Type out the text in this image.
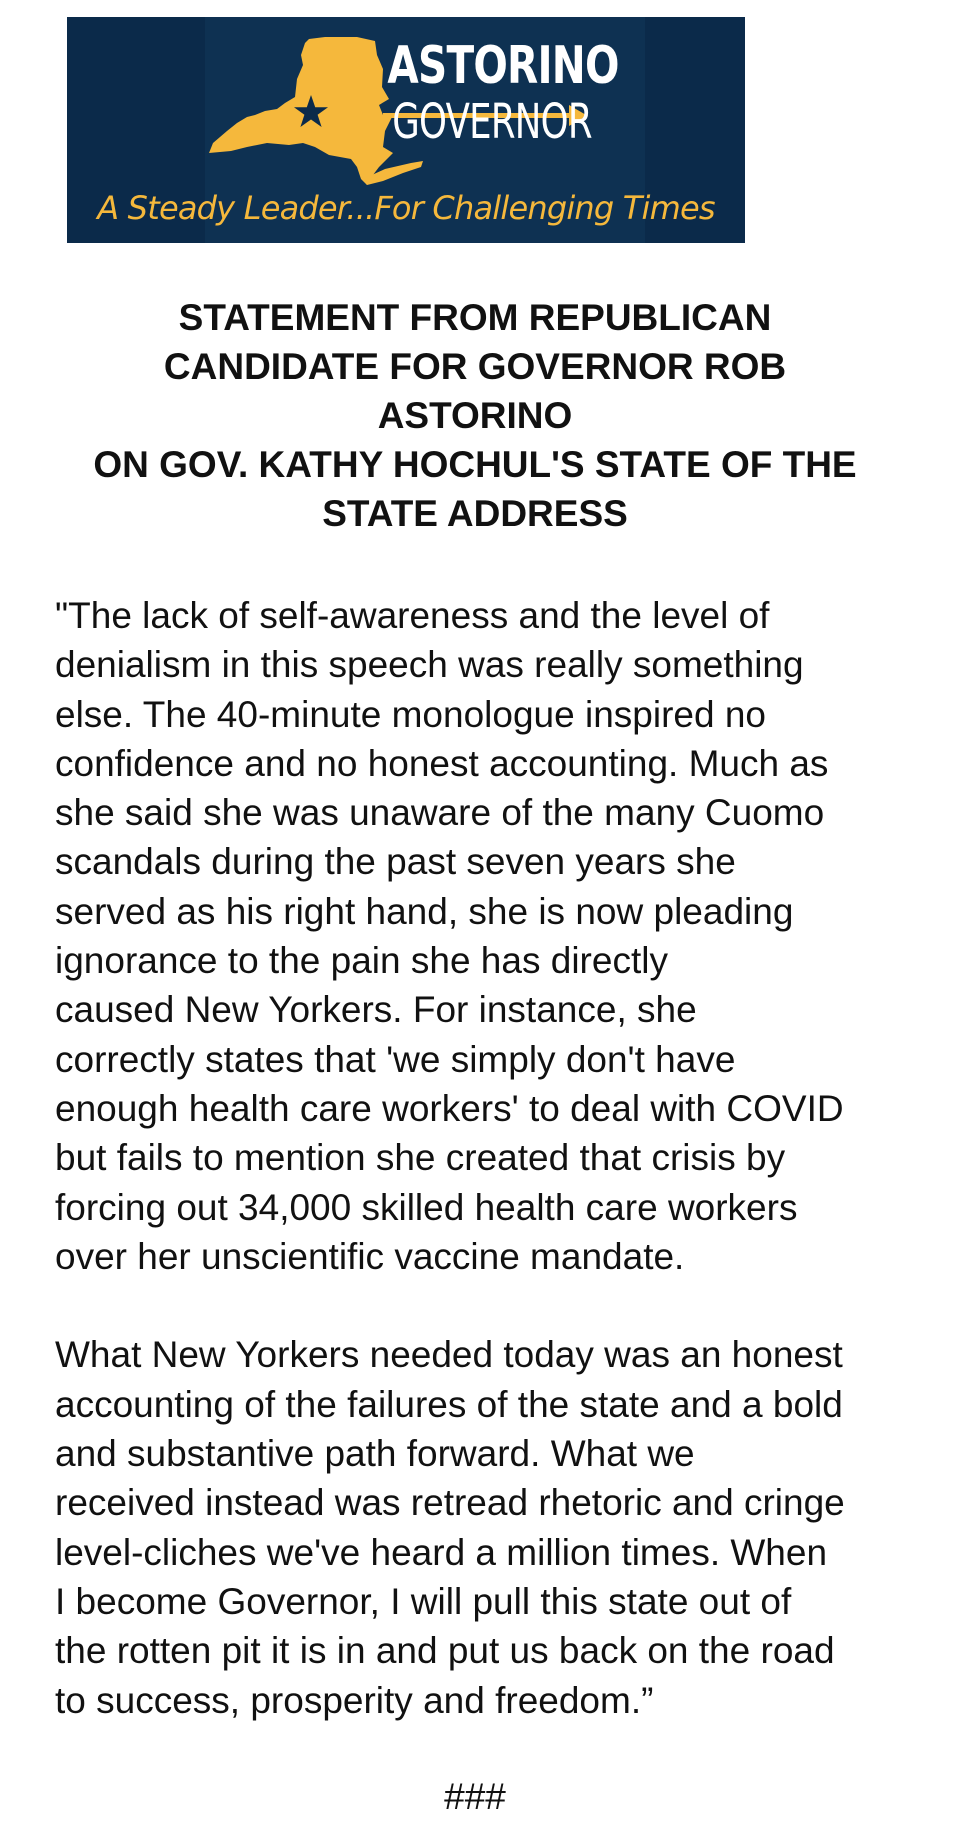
ASTORINO
GOVERNOR
A Steady Leader...For Challenging Times
STATEMENT FROM REPUBLICAN
CANDIDATE FOR GOVERNOR ROB
ASTORINO
ON GOV. KATHY HOCHUL'S STATE OF THE
STATE ADDRESS

"The lack of self-awareness and the level of
denialism in this speech was really something
else. The 40-minute monologue inspired no
confidence and no honest accounting. Much as
she said she was unaware of the many Cuomo
scandals during the past seven years she
served as his right hand, she is now pleading
ignorance to the pain she has directly
caused New Yorkers. For instance, she
correctly states that 'we simply don't have
enough health care workers' to deal with COVID
but fails to mention she created that crisis by
forcing out 34,000 skilled health care workers
over her unscientific vaccine mandate.

What New Yorkers needed today was an honest
accounting of the failures of the state and a bold
and substantive path forward. What we
received instead was retread rhetoric and cringe
level-cliches we've heard a million times. When
I become Governor, I will pull this state out of
the rotten pit it is in and put us back on the road
to success, prosperity and freedom.”

###
